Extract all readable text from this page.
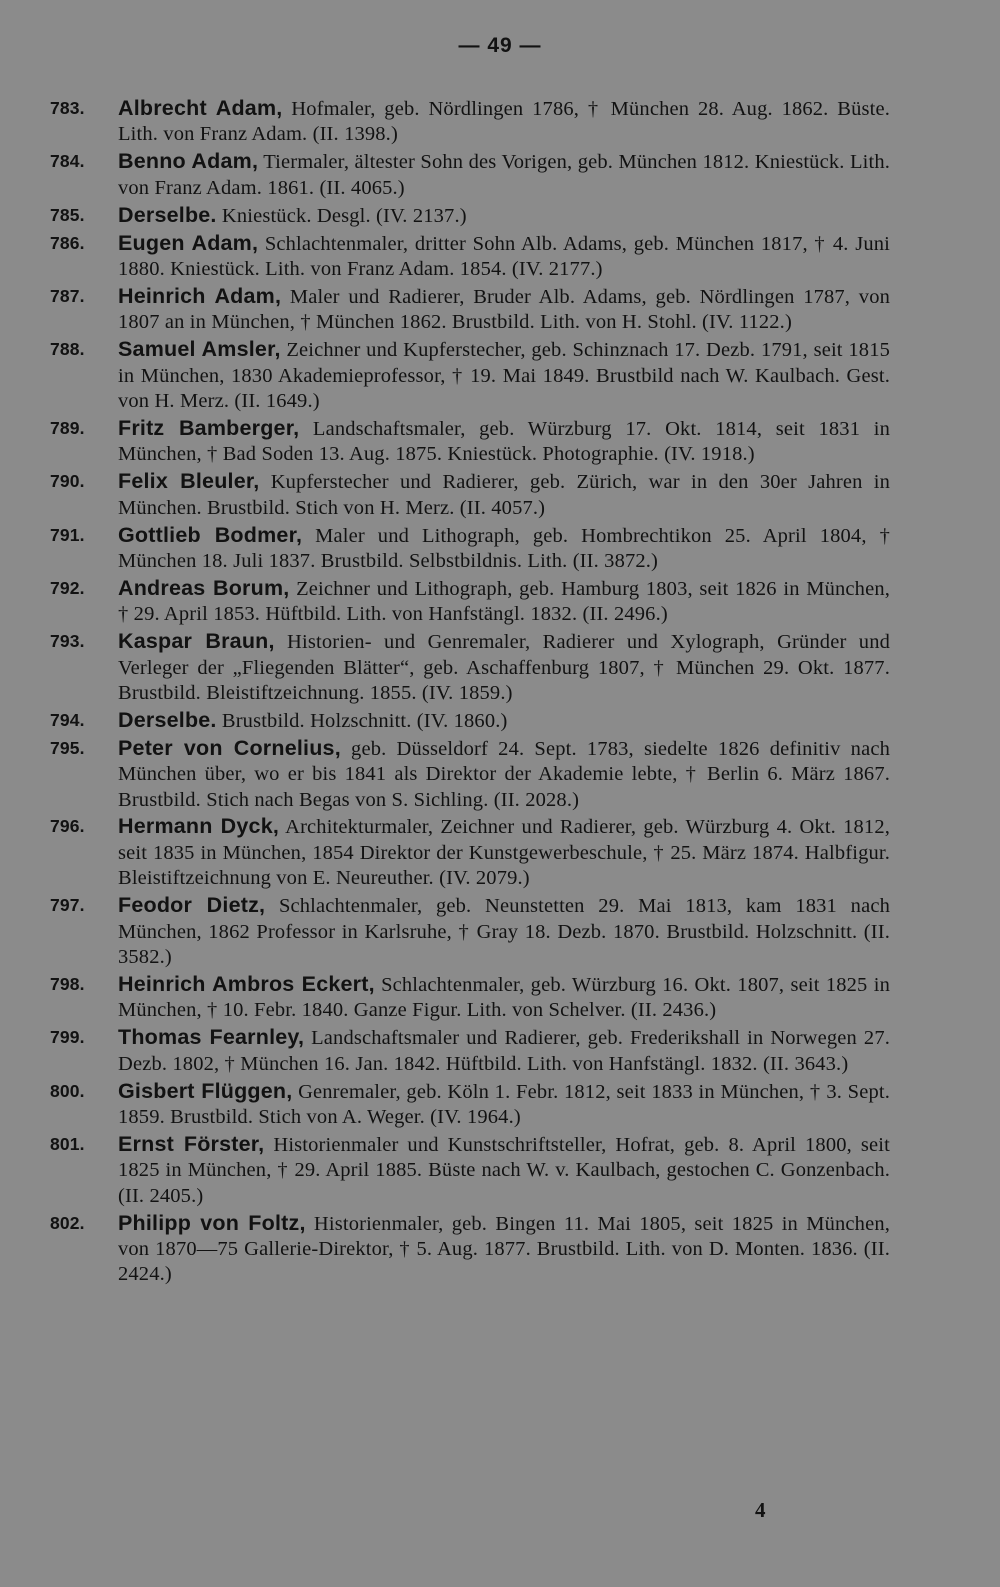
— 49 —
783.	Albrecht Adam, Hofmaler, geb. Nördlingen 1786, † München 28. Aug. 1862. Büste. Lith. von Franz Adam. (II. 1398.)
784.	Benno Adam, Tiermaler, ältester Sohn des Vorigen, geb. München 1812. Kniestück. Lith. von Franz Adam. 1861. (II. 4065.)
785.	Derselbe. Kniestück. Desgl. (IV. 2137.)
786.	Eugen Adam, Schlachtenmaler, dritter Sohn Alb. Adams, geb. München 1817, † 4. Juni 1880. Kniestück. Lith. von Franz Adam. 1854. (IV. 2177.)
787.	Heinrich Adam, Maler und Radierer, Bruder Alb. Adams, geb. Nördlingen 1787, von 1807 an in München, † München 1862. Brustbild. Lith. von H. Stohl. (IV. 1122.)
788.	Samuel Amsler, Zeichner und Kupferstecher, geb. Schinznach 17. Dezb. 1791, seit 1815 in München, 1830 Akademieprofessor, † 19. Mai 1849. Brustbild nach W. Kaulbach. Gest. von H. Merz. (II. 1649.)
789.	Fritz Bamberger, Landschaftsmaler, geb. Würzburg 17. Okt. 1814, seit 1831 in München, † Bad Soden 13. Aug. 1875. Kniestück. Photographie. (IV. 1918.)
790.	Felix Bleuler, Kupferstecher und Radierer, geb. Zürich, war in den 30er Jahren in München. Brustbild. Stich von H. Merz. (II. 4057.)
791.	Gottlieb Bodmer, Maler und Lithograph, geb. Hombrechtikon 25. April 1804, † München 18. Juli 1837. Brustbild. Selbstbildnis. Lith. (II. 3872.)
792.	Andreas Borum, Zeichner und Lithograph, geb. Hamburg 1803, seit 1826 in München, † 29. April 1853. Hüftbild. Lith. von Hanfstängl. 1832. (II. 2496.)
793.	Kaspar Braun, Historien- und Genremaler, Radierer und Xylograph, Gründer und Verleger der „Fliegenden Blätter“, geb. Aschaffenburg 1807, † München 29. Okt. 1877. Brustbild. Bleistiftzeichnung. 1855. (IV. 1859.)
794.	Derselbe. Brustbild. Holzschnitt. (IV. 1860.)
795.	Peter von Cornelius, geb. Düsseldorf 24. Sept. 1783, siedelte 1826 definitiv nach München über, wo er bis 1841 als Direktor der Akademie lebte, † Berlin 6. März 1867. Brustbild. Stich nach Begas von S. Sichling. (II. 2028.)
796.	Hermann Dyck, Architekturmaler, Zeichner und Radierer, geb. Würzburg 4. Okt. 1812, seit 1835 in München, 1854 Direktor der Kunstgewerbeschule, † 25. März 1874. Halbfigur. Bleistiftzeichnung von E. Neureuther. (IV. 2079.)
797.	Feodor Dietz, Schlachtenmaler, geb. Neunstetten 29. Mai 1813, kam 1831 nach München, 1862 Professor in Karlsruhe, † Gray 18. Dezb. 1870. Brustbild. Holzschnitt. (II. 3582.)
798.	Heinrich Ambros Eckert, Schlachtenmaler, geb. Würzburg 16. Okt. 1807, seit 1825 in München, † 10. Febr. 1840. Ganze Figur. Lith. von Schelver. (II. 2436.)
799.	Thomas Fearnley, Landschaftsmaler und Radierer, geb. Frederikshall in Norwegen 27. Dezb. 1802, † München 16. Jan. 1842. Hüftbild. Lith. von Hanfstängl. 1832. (II. 3643.)
800.	Gisbert Flüggen, Genremaler, geb. Köln 1. Febr. 1812, seit 1833 in München, † 3. Sept. 1859. Brustbild. Stich von A. Weger. (IV. 1964.)
801.	Ernst Förster, Historienmaler und Kunstschriftsteller, Hofrat, geb. 8. April 1800, seit 1825 in München, † 29. April 1885. Büste nach W. v. Kaulbach, gestochen C. Gonzenbach. (II. 2405.)
802.	Philipp von Foltz, Historienmaler, geb. Bingen 11. Mai 1805, seit 1825 in München, von 1870—75 Gallerie-Direktor, † 5. Aug. 1877. Brustbild. Lith. von D. Monten. 1836. (II. 2424.)
4
